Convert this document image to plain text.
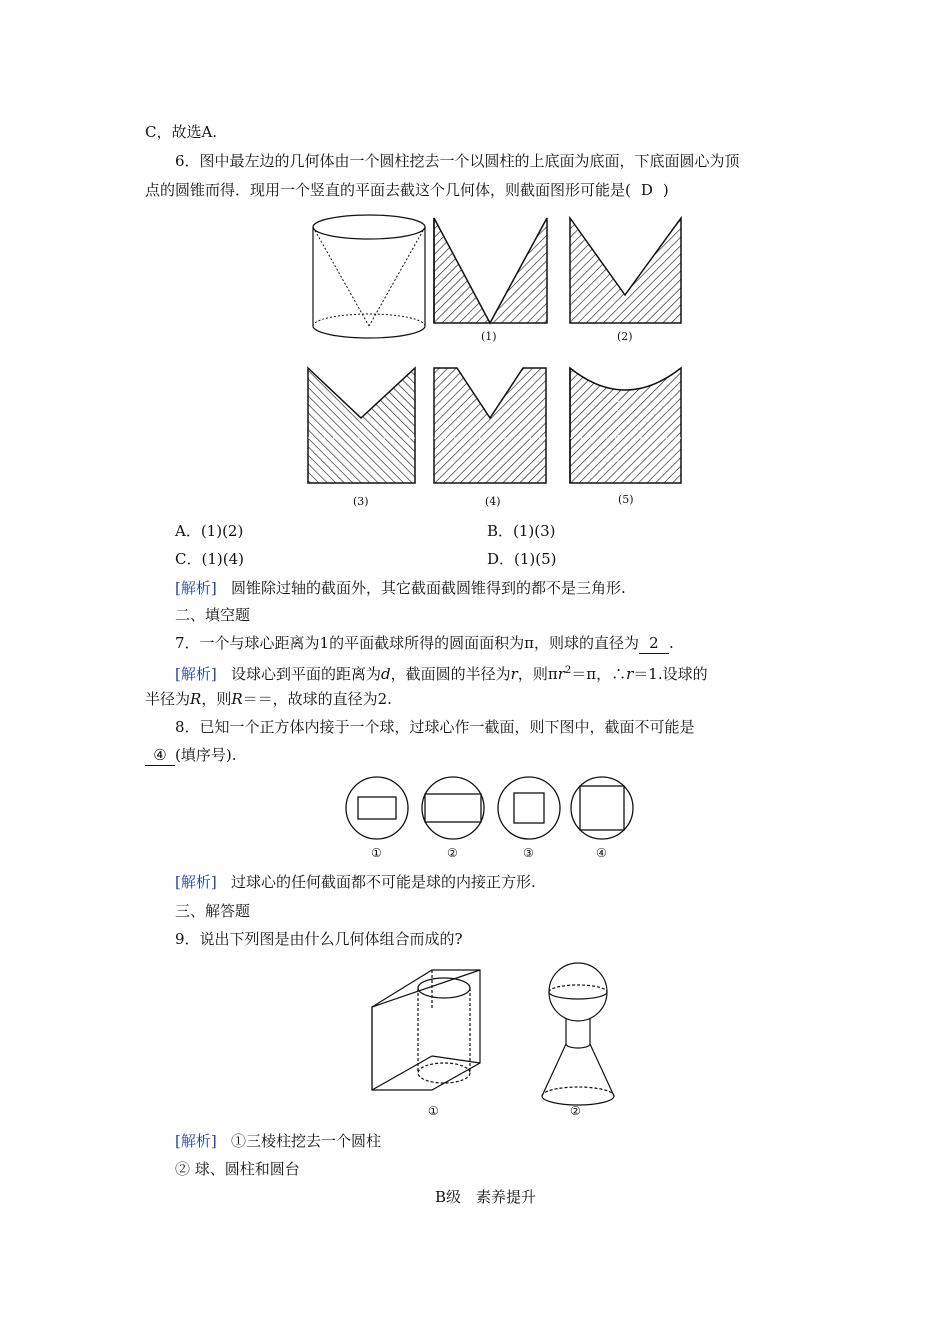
C，故选A.
6．图中最左边的几何体由一个圆柱挖去一个以圆柱的上底面为底面，下底面圆心为顶
点的圆锥而得．现用一个竖直的平面去截这个几何体，则截面图形可能是( D )
(1)	(2)
(3)	(4)	(5)
A．(1)(2)	B．(1)(3)
C．(1)(4)	D．(1)(5)
[解析] 圆锥除过轴的截面外，其它截面截圆锥得到的都不是三角形.
二、填空题
7．一个与球心距离为1的平面截球所得的圆面面积为π，则球的直径为 2 .
[解析] 设球心到平面的距离为d，截面圆的半径为r，则$\pi r^2=\pi$，∴r＝1.设球的
半径为R，则R＝＝，故球的直径为2.
8．已知一个正方体内接于一个球，过球心作一截面，则下图中，截面不可能是
④ (填序号).
①	②	③	④
[解析] 过球心的任何截面都不可能是球的内接正方形.
三、解答题
9．说出下列图是由什么几何体组合而成的?
①	②
[解析] ①三棱柱挖去一个圆柱
② 球、圆柱和圆台
B级　素养提升
